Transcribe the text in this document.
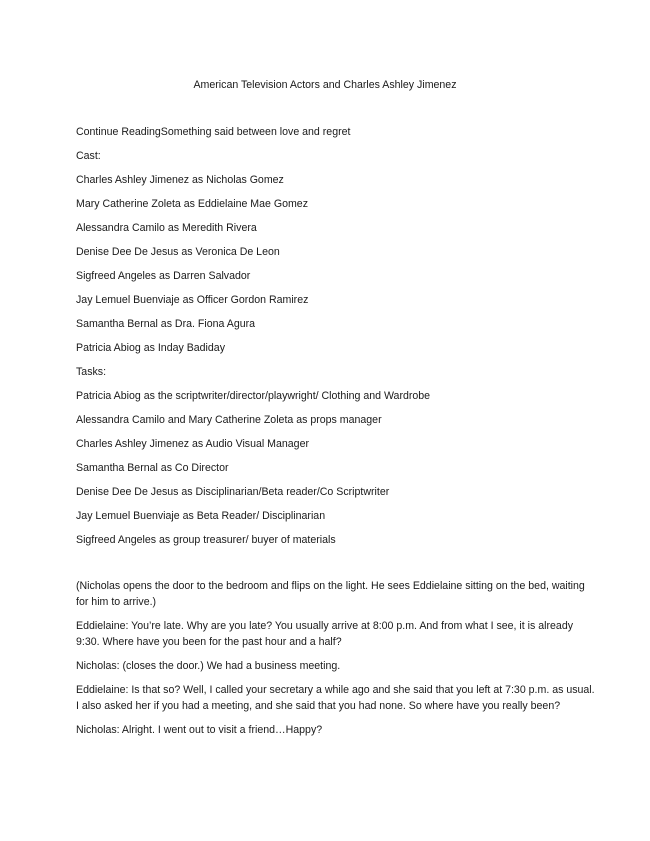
American Television Actors and Charles Ashley Jimenez

Continue ReadingSomething said between love and regret

Cast:

Charles Ashley Jimenez as Nicholas Gomez

Mary Catherine Zoleta as Eddielaine Mae Gomez

Alessandra Camilo as Meredith Rivera

Denise Dee De Jesus as Veronica De Leon

Sigfreed Angeles as Darren Salvador

Jay Lemuel Buenviaje as Officer Gordon Ramirez

Samantha Bernal as Dra. Fiona Agura

Patricia Abiog as Inday Badiday

Tasks:

Patricia Abiog as the scriptwriter/director/playwright/ Clothing and Wardrobe

Alessandra Camilo and Mary Catherine Zoleta as props manager

Charles Ashley Jimenez as Audio Visual Manager

Samantha Bernal as Co Director

Denise Dee De Jesus as Disciplinarian/Beta reader/Co Scriptwriter

Jay Lemuel Buenviaje as Beta Reader/ Disciplinarian

Sigfreed Angeles as group treasurer/ buyer of materials

(Nicholas opens the door to the bedroom and flips on the light. He sees Eddielaine sitting on the bed, waiting for him to arrive.)

Eddielaine: You’re late. Why are you late? You usually arrive at 8:00 p.m. And from what I see, it is already 9:30. Where have you been for the past hour and a half?

Nicholas: (closes the door.) We had a business meeting.

Eddielaine: Is that so? Well, I called your secretary a while ago and she said that you left at 7:30 p.m. as usual. I also asked her if you had a meeting, and she said that you had none. So where have you really been?

Nicholas: Alright. I went out to visit a friend…Happy?
